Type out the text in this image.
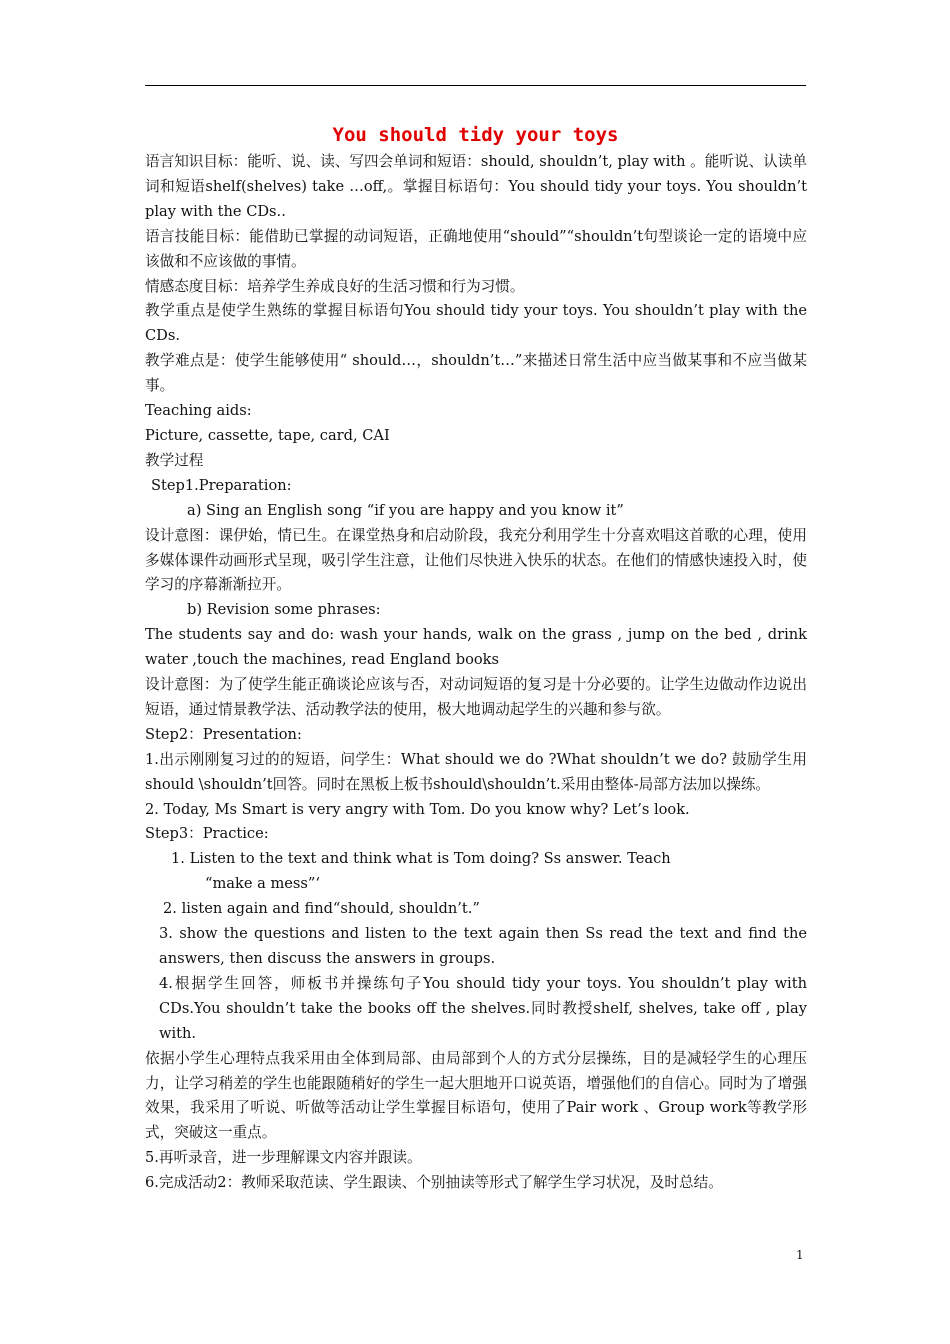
You should tidy your toys

语言知识目标：能听、说、读、写四会单词和短语：should, shouldn’t, play with 。能听说、认读单词和短语shelf(shelves) take …off,。掌握目标语句：You should tidy your toys. You shouldn’t play with the CDs..

语言技能目标：能借助已掌握的动词短语，正确地使用“should”“shouldn’t句型谈论一定的语境中应该做和不应该做的事情。

情感态度目标：培养学生养成良好的生活习惯和行为习惯。

教学重点是使学生熟练的掌握目标语句You should tidy your toys. You shouldn’t play with the CDs.

教学难点是：使学生能够使用“ should…，shouldn’t…”来描述日常生活中应当做某事和不应当做某事。

Teaching aids:

Picture, cassette, tape, card, CAI

教学过程

Step1.Preparation:

a) Sing an English song “if you are happy and you know it”

设计意图：课伊始，情已生。在课堂热身和启动阶段，我充分利用学生十分喜欢唱这首歌的心理，使用多媒体课件动画形式呈现，吸引学生注意，让他们尽快进入快乐的状态。在他们的情感快速投入时，使学习的序幕渐渐拉开。

b) Revision some phrases:

The students say and do: wash your hands, walk on the grass , jump on the bed , drink water ,touch the machines, read England books

设计意图：为了使学生能正确谈论应该与否，对动词短语的复习是十分必要的。让学生边做动作边说出短语，通过情景教学法、活动教学法的使用，极大地调动起学生的兴趣和参与欲。

Step2：Presentation:

1.出示刚刚复习过的的短语，问学生：What should we do ?What shouldn’t we do? 鼓励学生用should \shouldn’t回答。同时在黑板上板书should\shouldn’t.采用由整体-局部方法加以操练。

2. Today, Ms Smart is very angry with Tom. Do you know why? Let’s look.

Step3：Practice:

1. Listen to the text and think what is Tom doing? Ss answer. Teach

“make a mess”‘

2. listen again and find“should, shouldn’t.”

3. show the questions and listen to the text again then Ss read the text and find the answers, then discuss the answers in groups.

4.根据学生回答，师板书并操练句子You should tidy your toys. You shouldn’t play with CDs.You shouldn’t take the books off the shelves.同时教授shelf, shelves, take off , play with.

依据小学生心理特点我采用由全体到局部、由局部到个人的方式分层操练，目的是减轻学生的心理压力，让学习稍差的学生也能跟随稍好的学生一起大胆地开口说英语，增强他们的自信心。同时为了增强效果，我采用了听说、听做等活动让学生掌握目标语句，使用了Pair work 、Group work等教学形式，突破这一重点。

5.再听录音，进一步理解课文内容并跟读。

6.完成活动2：教师采取范读、学生跟读、个别抽读等形式了解学生学习状况，及时总结。

1
